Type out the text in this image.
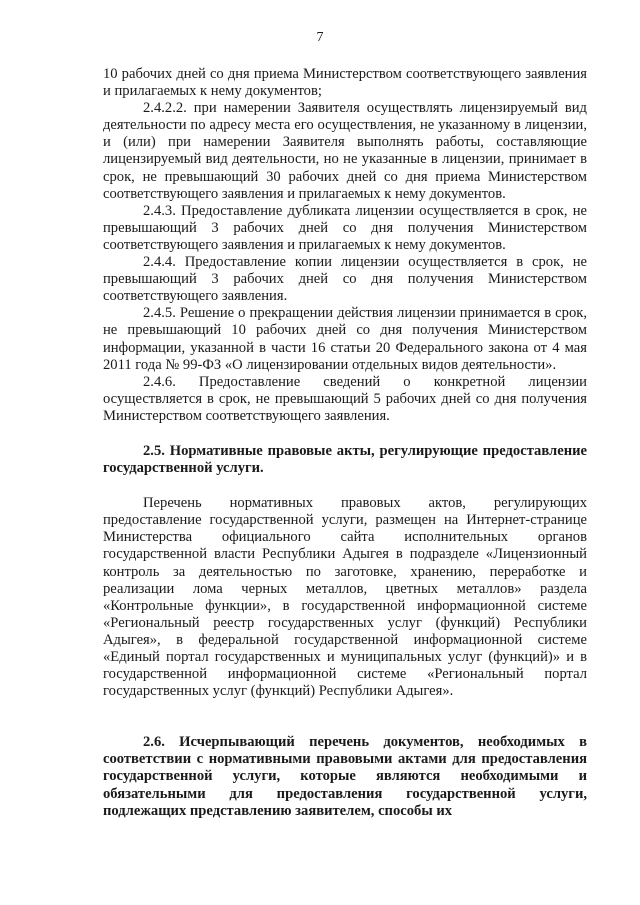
7

10 рабочих дней со дня приема Министерством соответствующего заявления и прилагаемых к нему документов;

2.4.2.2. при намерении Заявителя осуществлять лицензируемый вид деятельности по адресу места его осуществления, не указанному в лицензии, и (или) при намерении Заявителя выполнять работы, составляющие лицензируемый вид деятельности, но не указанные в лицензии, принимает в срок, не превышающий 30 рабочих дней со дня приема Министерством соответствующего заявления и прилагаемых к нему документов.

2.4.3. Предоставление дубликата лицензии осуществляется в срок, не превышающий 3 рабочих дней со дня получения Министерством соответствующего заявления и прилагаемых к нему документов.

2.4.4. Предоставление копии лицензии осуществляется в срок, не превышающий 3 рабочих дней со дня получения Министерством соответствующего заявления.

2.4.5. Решение о прекращении действия лицензии принимается в срок, не превышающий 10 рабочих дней со дня получения Министерством информации, указанной в части 16 статьи 20 Федерального закона от 4 мая 2011 года № 99-ФЗ «О лицензировании отдельных видов деятельности».

2.4.6. Предоставление сведений о конкретной лицензии осуществляется в срок, не превышающий 5 рабочих дней со дня получения Министерством соответствующего заявления.

2.5. Нормативные правовые акты, регулирующие предоставление государственной услуги.

Перечень нормативных правовых актов, регулирующих предоставление государственной услуги, размещен на Интернет-странице Министерства официального сайта исполнительных органов государственной власти Республики Адыгея в подразделе «Лицензионный контроль за деятельностью по заготовке, хранению, переработке и реализации лома черных металлов, цветных металлов» раздела «Контрольные функции», в государственной информационной системе «Региональный реестр государственных услуг (функций) Республики Адыгея», в федеральной государственной информационной системе «Единый портал государственных и муниципальных услуг (функций)» и в государственной информационной системе «Региональный портал государственных услуг (функций) Республики Адыгея».

2.6. Исчерпывающий перечень документов, необходимых в соответствии с нормативными правовыми актами для предоставления государственной услуги, которые являются необходимыми и обязательными для предоставления государственной услуги, подлежащих представлению заявителем, способы их
